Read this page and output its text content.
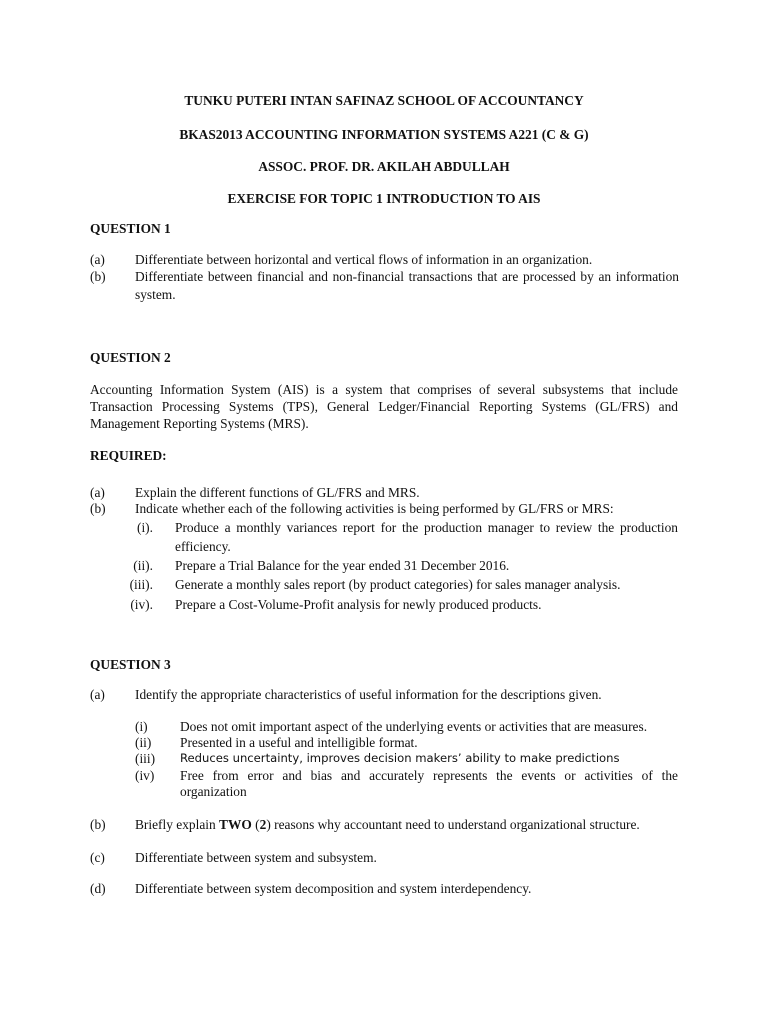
TUNKU PUTERI INTAN SAFINAZ SCHOOL OF ACCOUNTANCY
BKAS2013 ACCOUNTING INFORMATION SYSTEMS A221 (C & G)
ASSOC. PROF. DR. AKILAH ABDULLAH
EXERCISE FOR TOPIC 1 INTRODUCTION TO AIS
QUESTION 1
(a) Differentiate between horizontal and vertical flows of information in an organization.
(b) Differentiate between financial and non-financial transactions that are processed by an information
system.
QUESTION 2
Accounting Information System (AIS) is a system that comprises of several subsystems that include
Transaction Processing Systems (TPS), General Ledger/Financial Reporting Systems (GL/FRS) and
Management Reporting Systems (MRS).
REQUIRED:
(a) Explain the different functions of GL/FRS and MRS.
(b) Indicate whether each of the following activities is being performed by GL/FRS or MRS:
(i). Produce a monthly variances report for the production manager to review the production
efficiency.
(ii). Prepare a Trial Balance for the year ended 31 December 2016.
(iii). Generate a monthly sales report (by product categories) for sales manager analysis.
(iv). Prepare a Cost-Volume-Profit analysis for newly produced products.
QUESTION 3
(a) Identify the appropriate characteristics of useful information for the descriptions given.
(i) Does not omit important aspect of the underlying events or activities that are measures.
(ii) Presented in a useful and intelligible format.
(iii) Reduces uncertainty, improves decision makers’ ability to make predictions
(iv) Free from error and bias and accurately represents the events or activities of the
organization
(b) Briefly explain TWO (2) reasons why accountant need to understand organizational structure.
(c) Differentiate between system and subsystem.
(d) Differentiate between system decomposition and system interdependency.
